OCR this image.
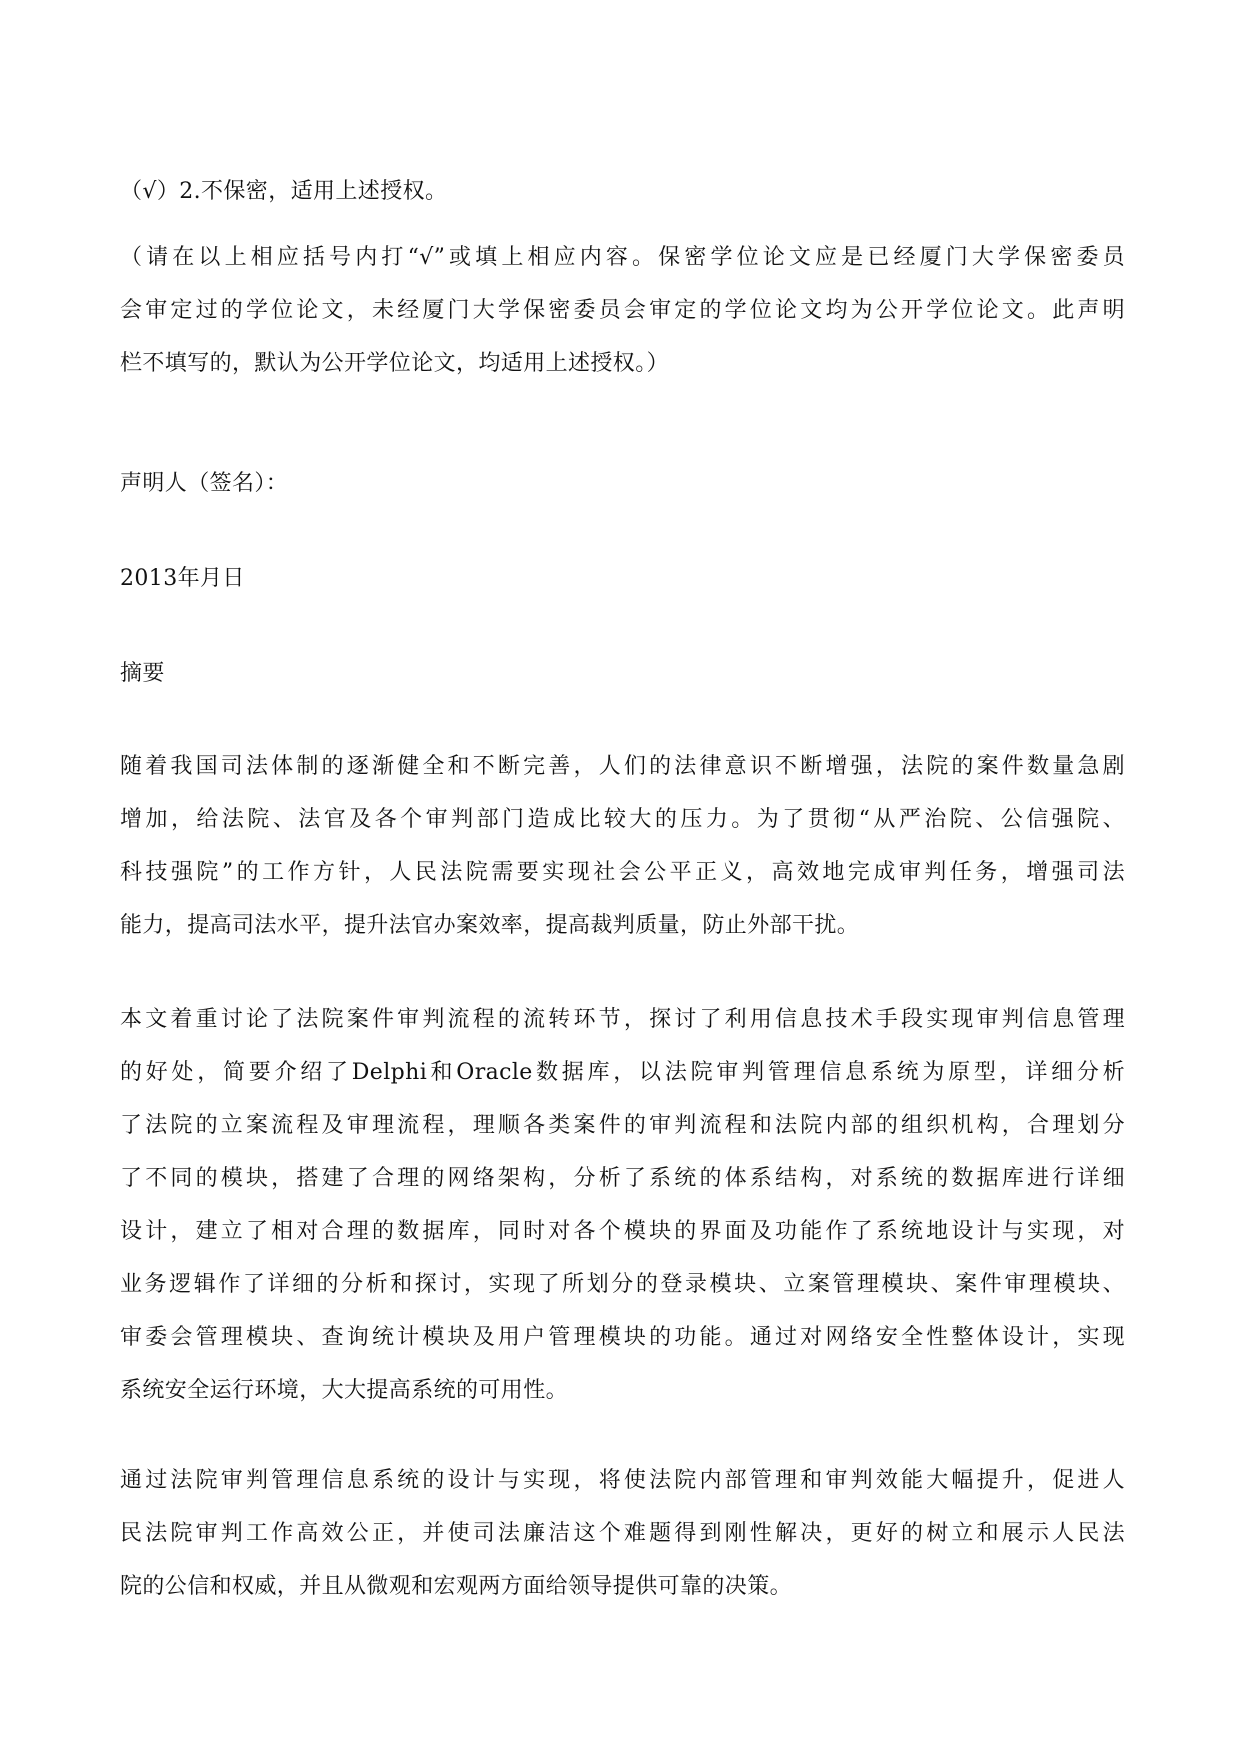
（√）2.不保密，适用上述授权。
（请在以上相应括号内打“√”或填上相应内容。保密学位论文应是已经厦门大学保密委员
会审定过的学位论文，未经厦门大学保密委员会审定的学位论文均为公开学位论文。此声明
栏不填写的，默认为公开学位论文，均适用上述授权。）
声明人（签名）：
2013年月日
摘要
随着我国司法体制的逐渐健全和不断完善，人们的法律意识不断增强，法院的案件数量急剧
增加，给法院、法官及各个审判部门造成比较大的压力。为了贯彻“从严治院、公信强院、
科技强院”的工作方针，人民法院需要实现社会公平正义，高效地完成审判任务，增强司法
能力，提高司法水平，提升法官办案效率，提高裁判质量，防止外部干扰。
本文着重讨论了法院案件审判流程的流转环节，探讨了利用信息技术手段实现审判信息管理
的好处，简要介绍了Delphi和Oracle数据库，以法院审判管理信息系统为原型，详细分析
了法院的立案流程及审理流程，理顺各类案件的审判流程和法院内部的组织机构，合理划分
了不同的模块，搭建了合理的网络架构，分析了系统的体系结构，对系统的数据库进行详细
设计，建立了相对合理的数据库，同时对各个模块的界面及功能作了系统地设计与实现，对
业务逻辑作了详细的分析和探讨，实现了所划分的登录模块、立案管理模块、案件审理模块、
审委会管理模块、查询统计模块及用户管理模块的功能。通过对网络安全性整体设计，实现
系统安全运行环境，大大提高系统的可用性。
通过法院审判管理信息系统的设计与实现，将使法院内部管理和审判效能大幅提升，促进人
民法院审判工作高效公正，并使司法廉洁这个难题得到刚性解决，更好的树立和展示人民法
院的公信和权威，并且从微观和宏观两方面给领导提供可靠的决策。
